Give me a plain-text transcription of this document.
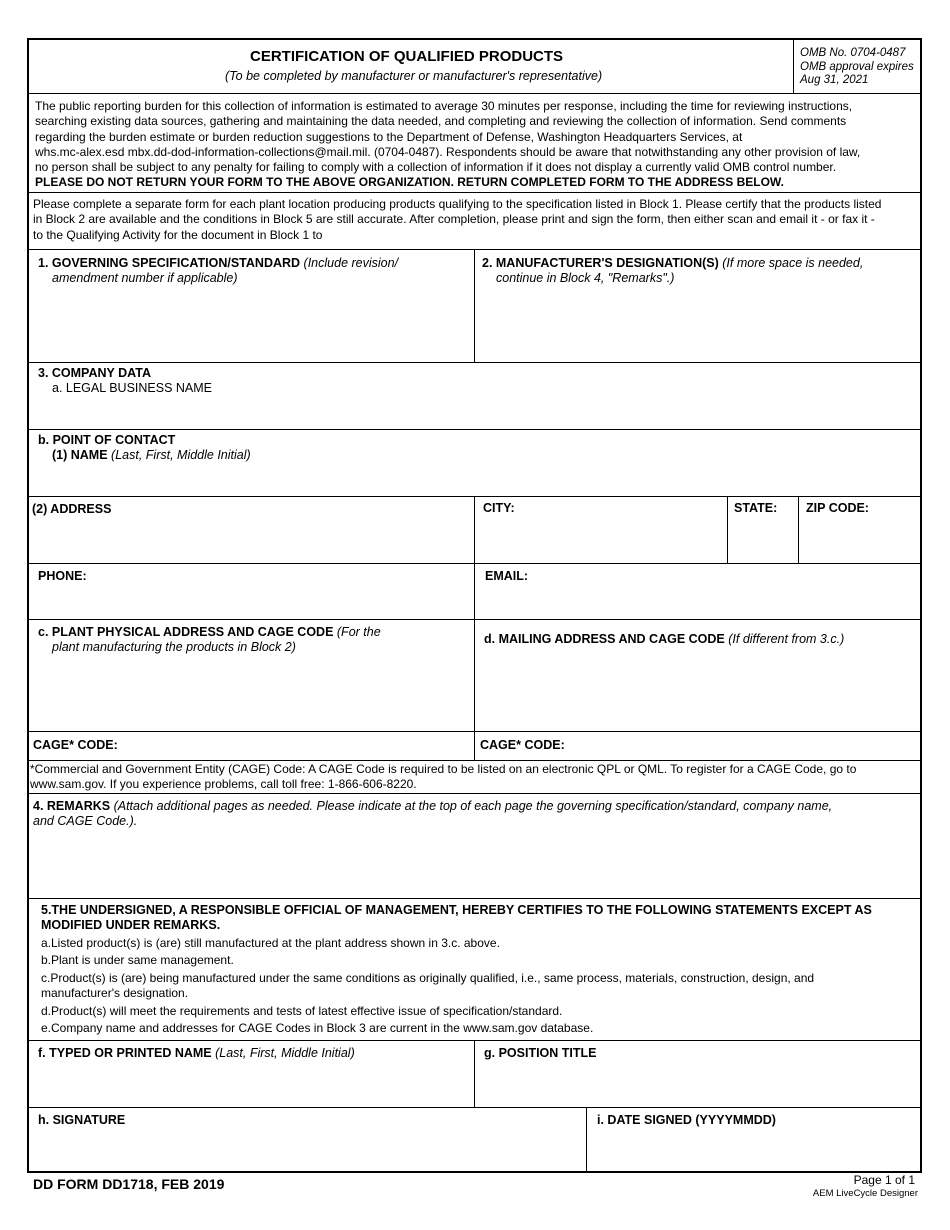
CERTIFICATION OF QUALIFIED PRODUCTS
(To be completed by manufacturer or manufacturer's representative)
OMB No. 0704-0487
OMB approval expires
Aug 31, 2021
The public reporting burden for this collection of information is estimated to average 30 minutes per response, including the time for reviewing instructions,
searching existing data sources, gathering and maintaining the data needed, and completing and reviewing the collection of information. Send comments
regarding the burden estimate or burden reduction suggestions to the Department of Defense, Washington Headquarters Services, at
whs.mc-alex.esd mbx.dd-dod-information-collections@mail.mil. (0704-0487). Respondents should be aware that notwithstanding any other provision of law,
no person shall be subject to any penalty for failing to comply with a collection of information if it does not display a currently valid OMB control number.
PLEASE DO NOT RETURN YOUR FORM TO THE ABOVE ORGANIZATION. RETURN COMPLETED FORM TO THE ADDRESS BELOW.
Please complete a separate form for each plant location producing products qualifying to the specification listed in Block 1. Please certify that the products listed
in Block 2 are available and the conditions in Block 5 are still accurate. After completion, please print and sign the form, then either scan and email it - or fax it -
to the Qualifying Activity for the document in Block 1 to
1. GOVERNING SPECIFICATION/STANDARD (Include revision/
amendment number if applicable)
2. MANUFACTURER'S DESIGNATION(S) (If more space is needed,
continue in Block 4, "Remarks".)
3. COMPANY DATA
a. LEGAL BUSINESS NAME
b. POINT OF CONTACT
(1) NAME (Last, First, Middle Initial)
(2) ADDRESS	CITY:	STATE: ZIP CODE:
PHONE:	EMAIL:
c. PLANT PHYSICAL ADDRESS AND CAGE CODE (For the
plant manufacturing the products in Block 2)
d. MAILING ADDRESS AND CAGE CODE (If different from 3.c.)
CAGE* CODE:	CAGE* CODE:
*Commercial and Government Entity (CAGE) Code: A CAGE Code is required to be listed on an electronic QPL or QML. To register for a CAGE Code, go to
www.sam.gov. If you experience problems, call toll free: 1-866-606-8220.
4. REMARKS (Attach additional pages as needed. Please indicate at the top of each page the governing specification/standard, company name,
and CAGE Code.).
5.THE UNDERSIGNED, A RESPONSIBLE OFFICIAL OF MANAGEMENT, HEREBY CERTIFIES TO THE FOLLOWING STATEMENTS EXCEPT AS
MODIFIED UNDER REMARKS.
a.Listed product(s) is (are) still manufactured at the plant address shown in 3.c. above.
b.Plant is under same management.
c.Product(s) is (are) being manufactured under the same conditions as originally qualified, i.e., same process, materials, construction, design, and
manufacturer's designation.
d.Product(s) will meet the requirements and tests of latest effective issue of specification/standard.
e.Company name and addresses for CAGE Codes in Block 3 are current in the www.sam.gov database.
f. TYPED OR PRINTED NAME (Last, First, Middle Initial)	g. POSITION TITLE
h. SIGNATURE	i. DATE SIGNED (YYYYMMDD)
DD FORM DD1718, FEB 2019	Page 1 of 1
AEM LiveCycle Designer
